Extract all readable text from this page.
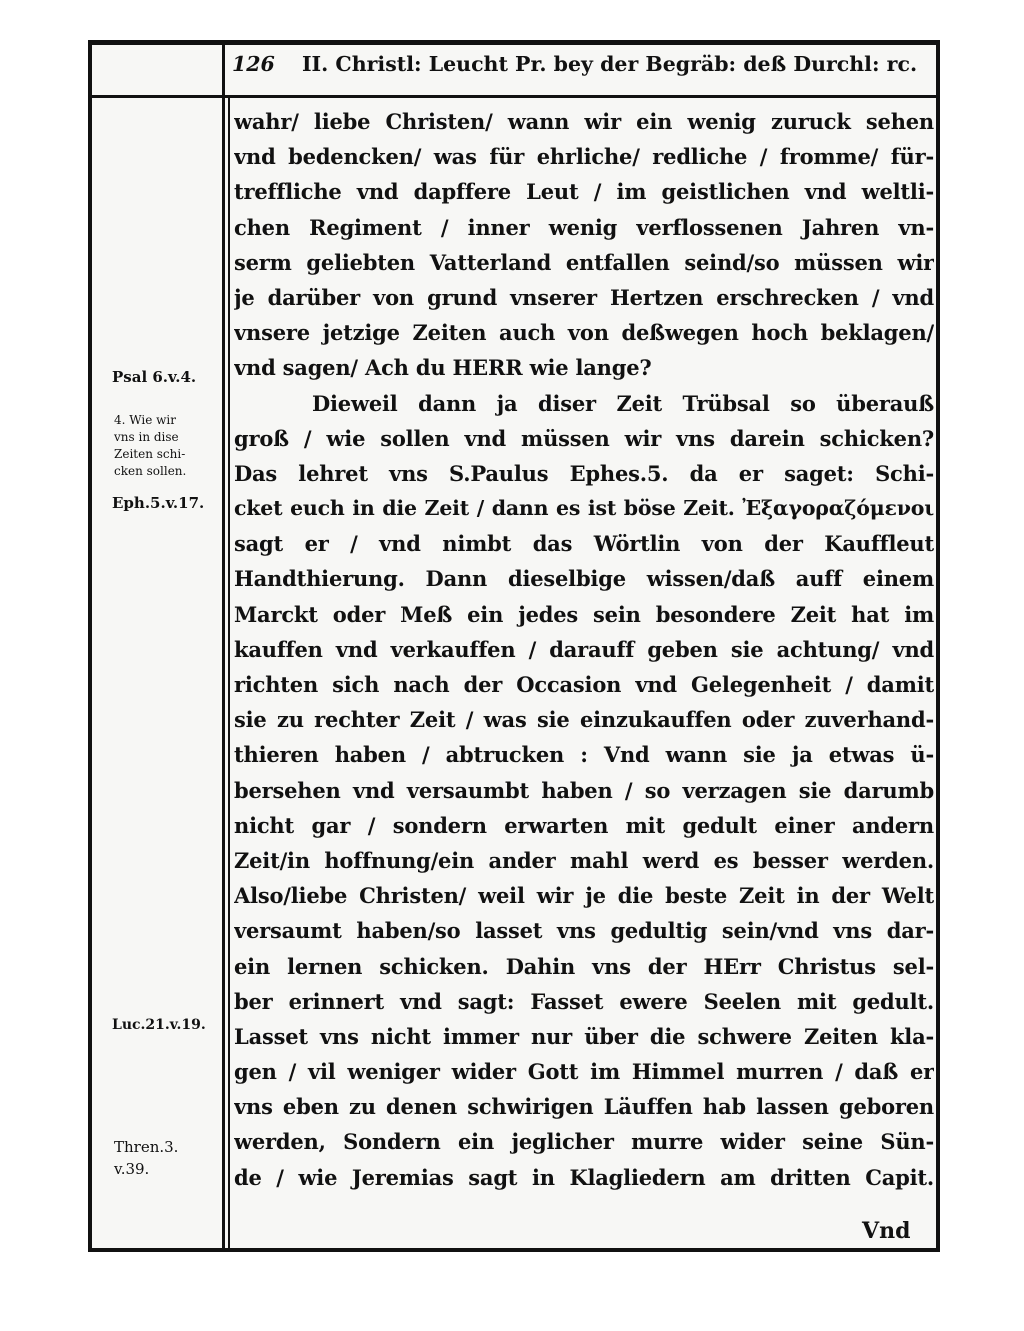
126 II. Christl: Leucht Pr. bey der Begräb: deß Durchl: rc.
Psal 6.v.4.
4. Wie wir
vns in dise
Zeiten schi-
cken sollen.
Eph.5.v.17.
Luc.21.v.19.
Thren.3.
v.39.
wahr/ liebe Christen/ wann wir ein wenig zuruck sehen
vnd bedencken/ was für ehrliche/ redliche / fromme/ für-
treffliche vnd dapffere Leut / im geistlichen vnd weltli-
chen Regiment / inner wenig verflossenen Jahren vn-
serm geliebten Vatterland entfallen seind/so müssen wir
je darüber von grund vnserer Hertzen erschrecken / vnd
vnsere jetzige Zeiten auch von deßwegen hoch beklagen/
vnd sagen/ Ach du HERR wie lange?
Dieweil dann ja diser Zeit Trübsal so überauß
groß / wie sollen vnd müssen wir vns darein schicken?
Das lehret vns S.Paulus Ephes.5. da er saget: Schi-
cket euch in die Zeit / dann es ist böse Zeit. Ἐξαγοραζόμενοι
sagt er / vnd nimbt das Wörtlin von der Kauffleut
Handthierung. Dann dieselbige wissen/daß auff einem
Marckt oder Meß ein jedes sein besondere Zeit hat im
kauffen vnd verkauffen / darauff geben sie achtung/ vnd
richten sich nach der Occasion vnd Gelegenheit / damit
sie zu rechter Zeit / was sie einzukauffen oder zuverhand-
thieren haben / abtrucken : Vnd wann sie ja etwas ü-
bersehen vnd versaumbt haben / so verzagen sie darumb
nicht gar / sondern erwarten mit gedult einer andern
Zeit/in hoffnung/ein ander mahl werd es besser werden.
Also/liebe Christen/ weil wir je die beste Zeit in der Welt
versaumt haben/so lasset vns gedultig sein/vnd vns dar-
ein lernen schicken. Dahin vns der HErr Christus sel-
ber erinnert vnd sagt: Fasset ewere Seelen mit gedult.
Lasset vns nicht immer nur über die schwere Zeiten kla-
gen / vil weniger wider Gott im Himmel murren / daß er
vns eben zu denen schwirigen Läuffen hab lassen geboren
werden, Sondern ein jeglicher murre wider seine Sün-
de / wie Jeremias sagt in Klagliedern am dritten Capit.
Vnd
